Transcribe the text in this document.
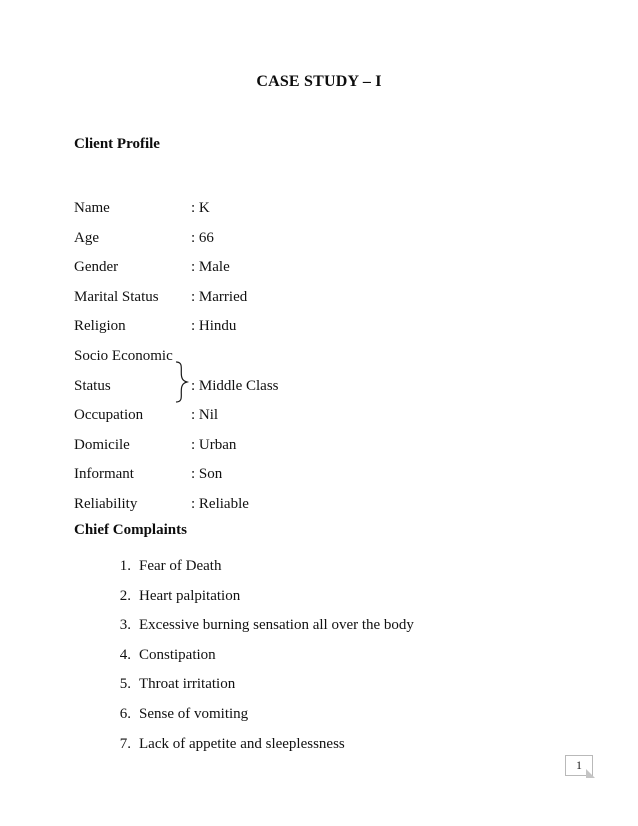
CASE STUDY – I
Client Profile
Name	: K
Age	: 66
Gender	: Male
Marital Status	: Married
Religion	: Hindu
Socio Economic
Status	: Middle Class
Occupation	: Nil
Domicile	: Urban
Informant	: Son
Reliability	: Reliable
Chief Complaints
1. Fear of Death
2. Heart palpitation
3. Excessive burning sensation all over the body
4. Constipation
5. Throat irritation
6. Sense of vomiting
7. Lack of appetite and sleeplessness
1
